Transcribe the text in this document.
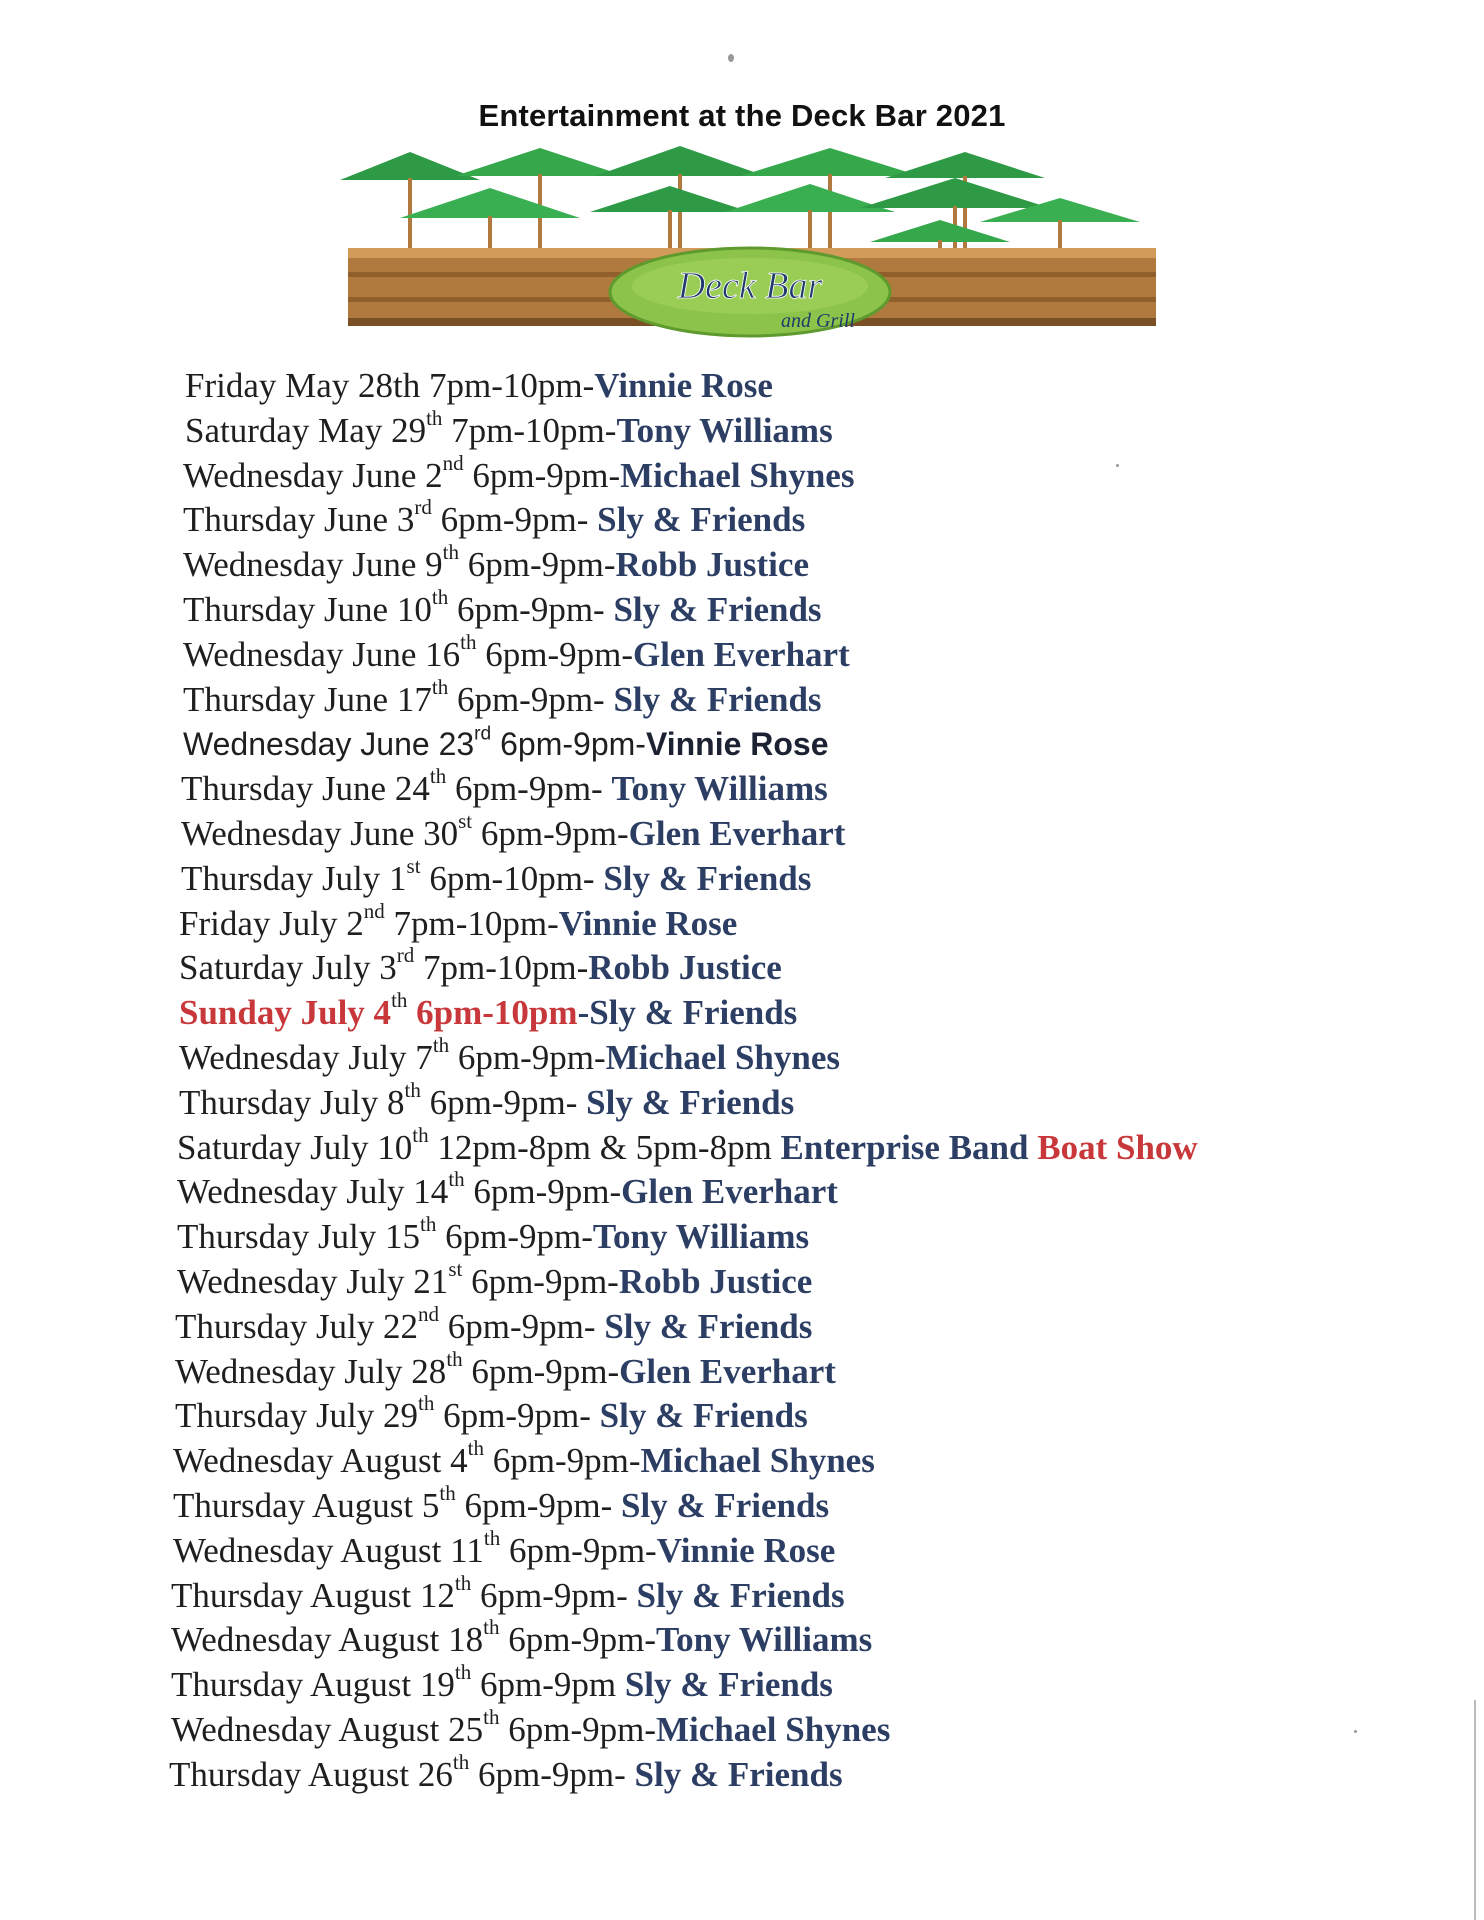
Entertainment at the Deck Bar 2021
Deck Bar
and Grill
Friday May 28th 7pm-10pm-Vinnie Rose
Saturday May 29th 7pm-10pm-Tony Williams
Wednesday June 2nd 6pm-9pm-Michael Shynes
Thursday June 3rd 6pm-9pm- Sly & Friends
Wednesday June 9th 6pm-9pm-Robb Justice
Thursday June 10th 6pm-9pm- Sly & Friends
Wednesday June 16th 6pm-9pm-Glen Everhart
Thursday June 17th 6pm-9pm- Sly & Friends
Wednesday June 23rd 6pm-9pm-Vinnie Rose
Thursday June 24th 6pm-9pm- Tony Williams
Wednesday June 30st 6pm-9pm-Glen Everhart
Thursday July 1st 6pm-10pm- Sly & Friends
Friday July 2nd 7pm-10pm-Vinnie Rose
Saturday July 3rd 7pm-10pm-Robb Justice
Sunday July 4th 6pm-10pm-Sly & Friends
Wednesday July 7th 6pm-9pm-Michael Shynes
Thursday July 8th 6pm-9pm- Sly & Friends
Saturday July 10th 12pm-8pm & 5pm-8pm Enterprise Band Boat Show
Wednesday July 14th 6pm-9pm-Glen Everhart
Thursday July 15th 6pm-9pm-Tony Williams
Wednesday July 21st 6pm-9pm-Robb Justice
Thursday July 22nd 6pm-9pm- Sly & Friends
Wednesday July 28th 6pm-9pm-Glen Everhart
Thursday July 29th 6pm-9pm- Sly & Friends
Wednesday August 4th 6pm-9pm-Michael Shynes
Thursday August 5th 6pm-9pm- Sly & Friends
Wednesday August 11th 6pm-9pm-Vinnie Rose
Thursday August 12th 6pm-9pm- Sly & Friends
Wednesday August 18th 6pm-9pm-Tony Williams
Thursday August 19th 6pm-9pm Sly & Friends
Wednesday August 25th 6pm-9pm-Michael Shynes
Thursday August 26th 6pm-9pm- Sly & Friends
